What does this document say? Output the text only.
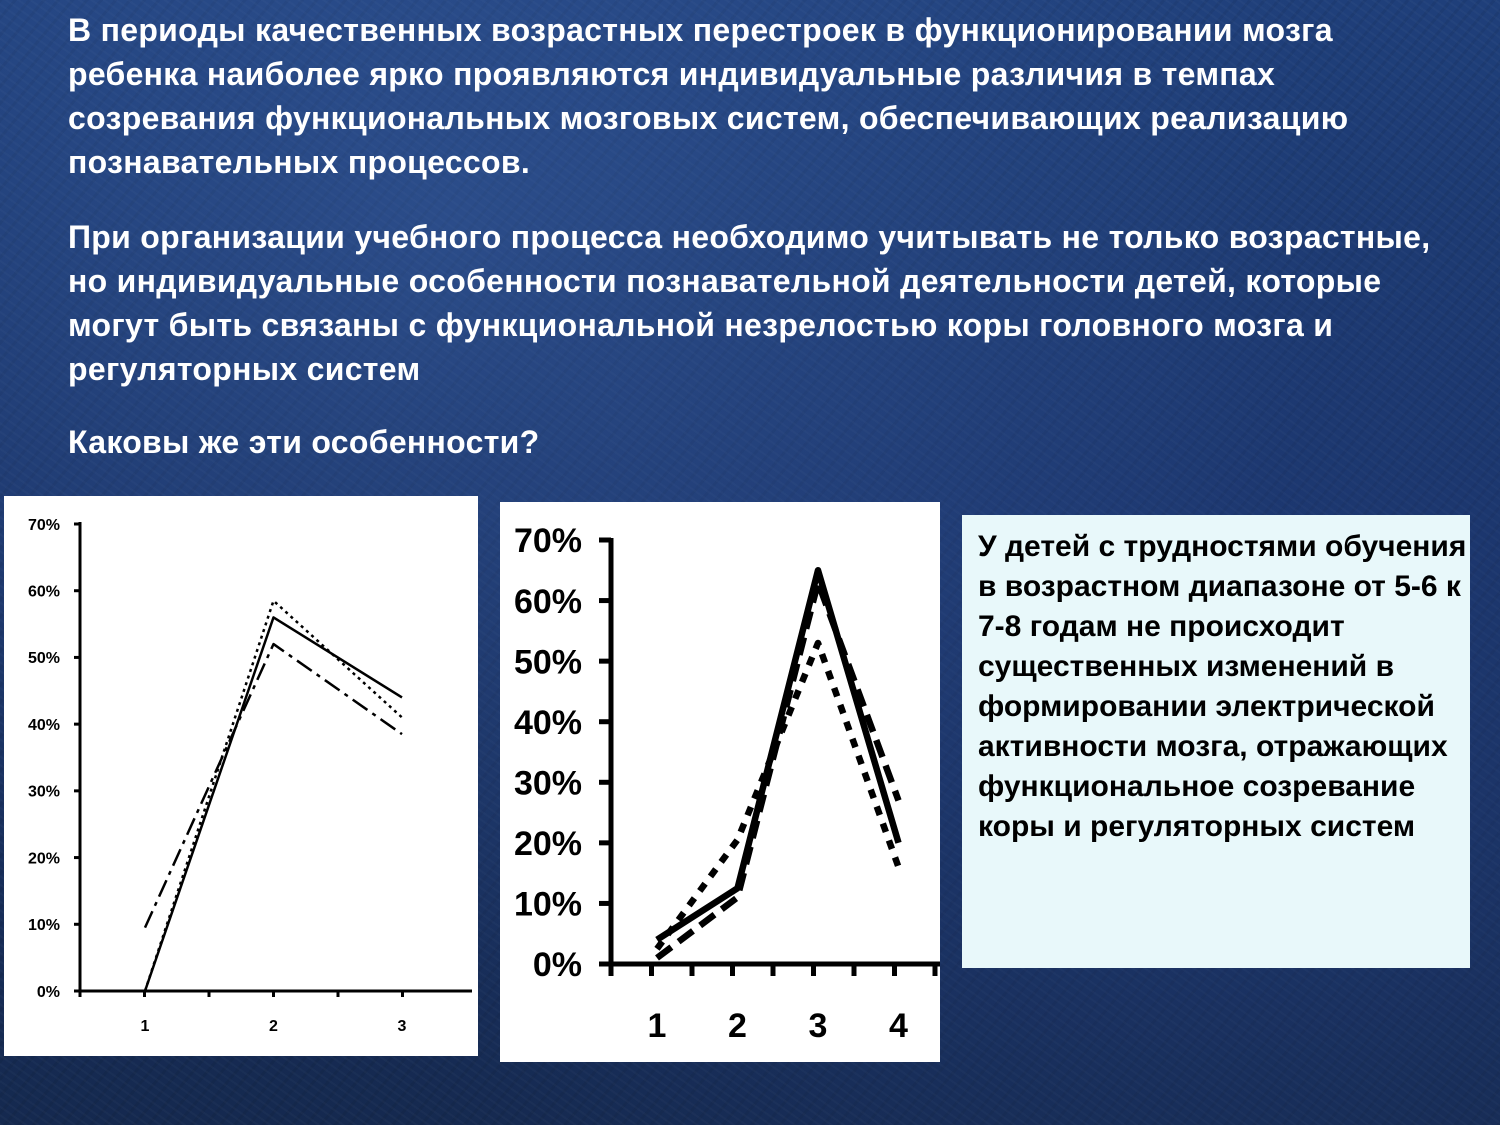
В периоды качественных возрастных перестроек в функционировании мозга ребенка наиболее ярко проявляются индивидуальные различия в темпах созревания функциональных мозговых систем, обеспечивающих реализацию познавательных процессов.

При организации учебного процесса необходимо учитывать не только возрастные, но индивидуальные особенности познавательной деятельности детей, которые могут быть связаны с функциональной незрелостью коры головного мозга и регуляторных систем

Каковы же эти особенности?

0%
10%
20%
30%
40%
50%
60%
70%
1	2	3
0%
10%
20%
30%
40%
50%
60%
70%
1 2 3 4

У детей с трудностями обучения в возрастном диапазоне от 5-6 к 7-8 годам не происходит существенных изменений в формировании электрической активности мозга, отражающих функциональное созревание коры и регуляторных систем
